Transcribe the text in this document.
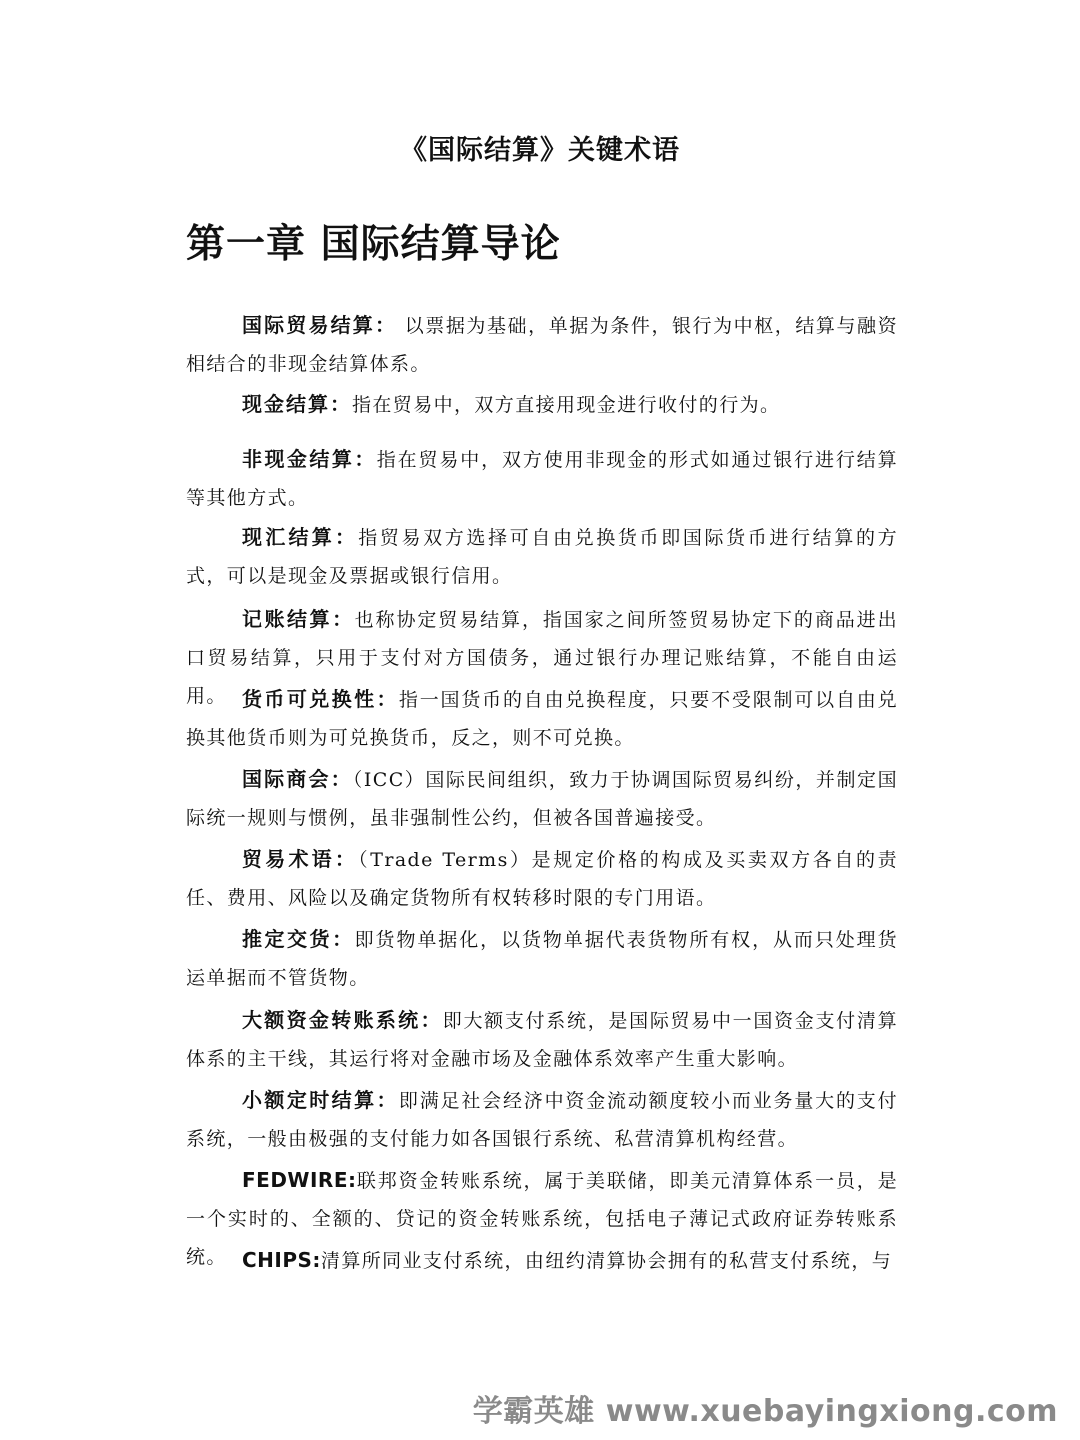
《国际结算》关键术语
第一章 国际结算导论

国际贸易结算： 以票据为基础，单据为条件，银行为中枢，结算与融资相结合的非现金结算体系。

现金结算：指在贸易中，双方直接用现金进行收付的行为。

非现金结算：指在贸易中，双方使用非现金的形式如通过银行进行结算等其他方式。

现汇结算：指贸易双方选择可自由兑换货币即国际货币进行结算的方式，可以是现金及票据或银行信用。

记账结算：也称协定贸易结算，指国家之间所签贸易协定下的商品进出口贸易结算，只用于支付对方国债务，通过银行办理记账结算，不能自由运用。 货币可兑换性：指一国货币的自由兑换程度，只要不受限制可以自由兑换其他货币则为可兑换货币，反之，则不可兑换。

国际商会：（ICC）国际民间组织，致力于协调国际贸易纠纷，并制定国际统一规则与惯例，虽非强制性公约，但被各国普遍接受。

贸易术语：（Trade Terms）是规定价格的构成及买卖双方各自的责任、费用、风险以及确定货物所有权转移时限的专门用语。

推定交货：即货物单据化，以货物单据代表货物所有权，从而只处理货运单据而不管货物。

大额资金转账系统：即大额支付系统，是国际贸易中一国资金支付清算体系的主干线，其运行将对金融市场及金融体系效率产生重大影响。

小额定时结算：即满足社会经济中资金流动额度较小而业务量大的支付系统，一般由极强的支付能力如各国银行系统、私营清算机构经营。

FEDWIRE:联邦资金转账系统，属于美联储，即美元清算体系一员，是一个实时的、全额的、贷记的资金转账系统，包括电子薄记式政府证券转账系统。 CHIPS:清算所同业支付系统，由纽约清算协会拥有的私营支付系统，与

学霸英雄 www.xuebayingxiong.com
